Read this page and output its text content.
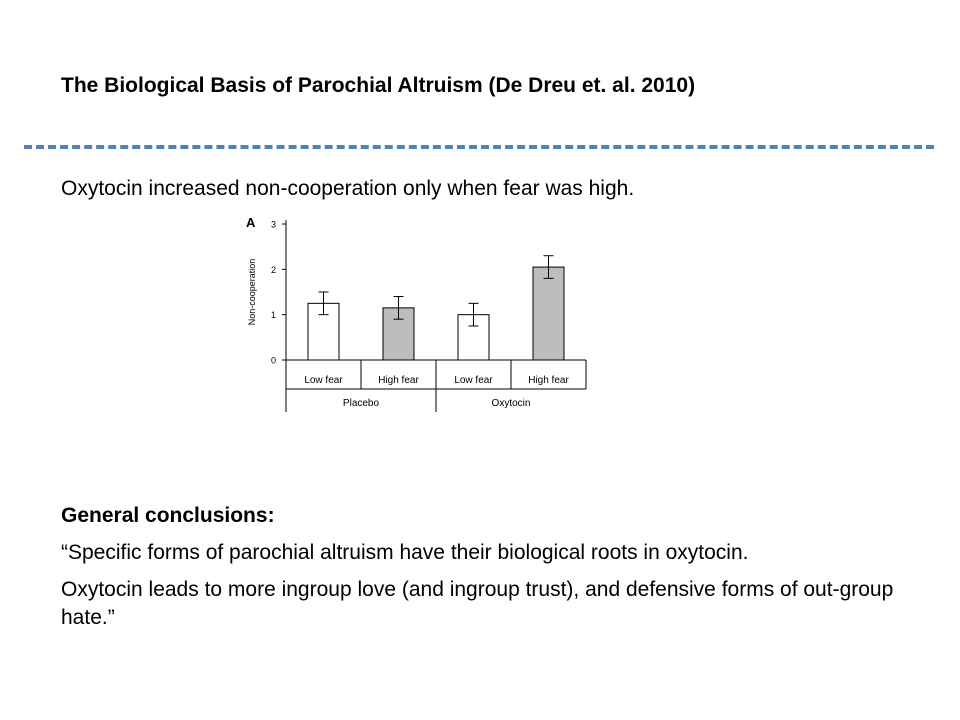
The Biological Basis of Parochial Altruism (De Dreu et. al. 2010)
Oxytocin increased non-cooperation only when fear was high.
A
0
1
2
3
Non-cooperation
Low fear	High fear	Low fear	High fear
Placebo	Oxytocin
General conclusions:

“Specific forms of parochial altruism have their biological roots in oxytocin.

Oxytocin leads to more ingroup love (and ingroup trust), and defensive forms of out-group hate.”
